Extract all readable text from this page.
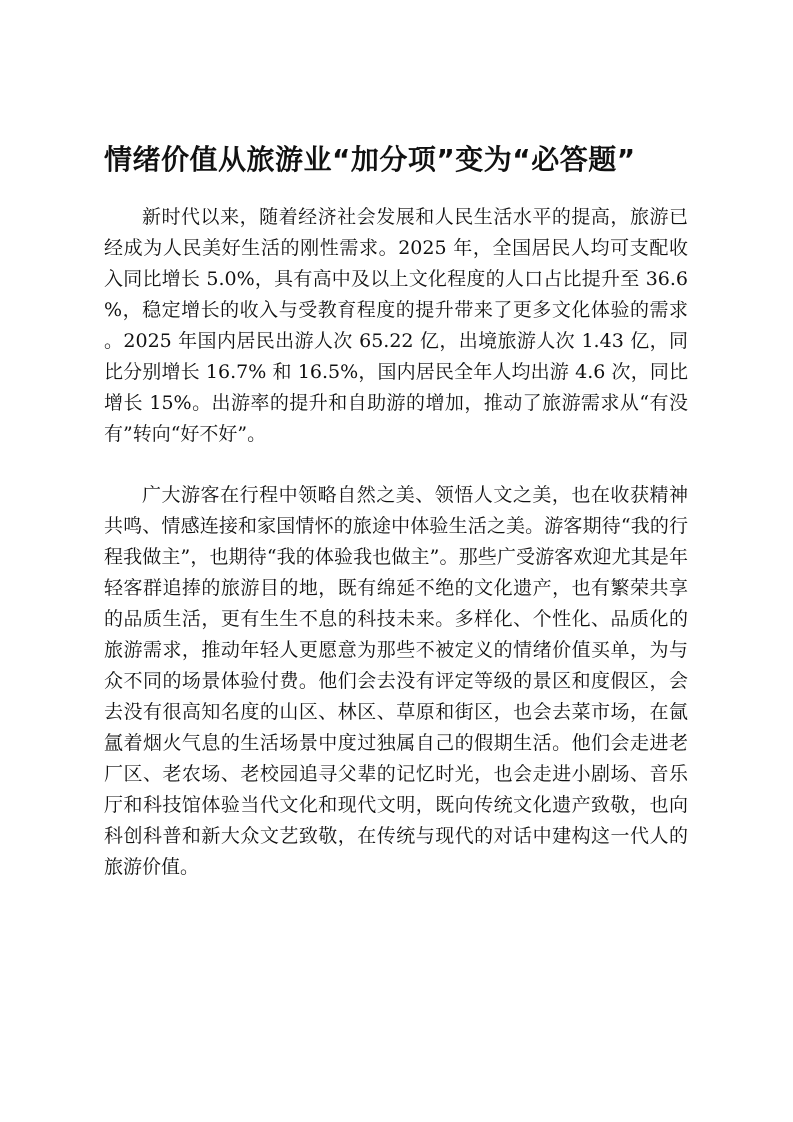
情绪价值从旅游业“加分项”变为“必答题”

新时代以来，随着经济社会发展和人民生活水平的提高，旅游已经成为人民美好生活的刚性需求。2025 年，全国居民人均可支配收入同比增长 5.0%，具有高中及以上文化程度的人口占比提升至 36.6%，稳定增长的收入与受教育程度的提升带来了更多文化体验的需求。2025 年国内居民出游人次 65.22 亿，出境旅游人次 1.43 亿，同比分别增长 16.7% 和 16.5%，国内居民全年人均出游 4.6 次，同比增长 15%。出游率的提升和自助游的增加，推动了旅游需求从“有没有”转向“好不好”。

广大游客在行程中领略自然之美、领悟人文之美，也在收获精神共鸣、情感连接和家国情怀的旅途中体验生活之美。游客期待“我的行程我做主”，也期待“我的体验我也做主”。那些广受游客欢迎尤其是年轻客群追捧的旅游目的地，既有绵延不绝的文化遗产，也有繁荣共享的品质生活，更有生生不息的科技未来。多样化、个性化、品质化的旅游需求，推动年轻人更愿意为那些不被定义的情绪价值买单，为与众不同的场景体验付费。他们会去没有评定等级的景区和度假区，会去没有很高知名度的山区、林区、草原和街区，也会去菜市场，在氤氲着烟火气息的生活场景中度过独属自己的假期生活。他们会走进老厂区、老农场、老校园追寻父辈的记忆时光，也会走进小剧场、音乐厅和科技馆体验当代文化和现代文明，既向传统文化遗产致敬，也向科创科普和新大众文艺致敬，在传统与现代的对话中建构这一代人的旅游价值。
